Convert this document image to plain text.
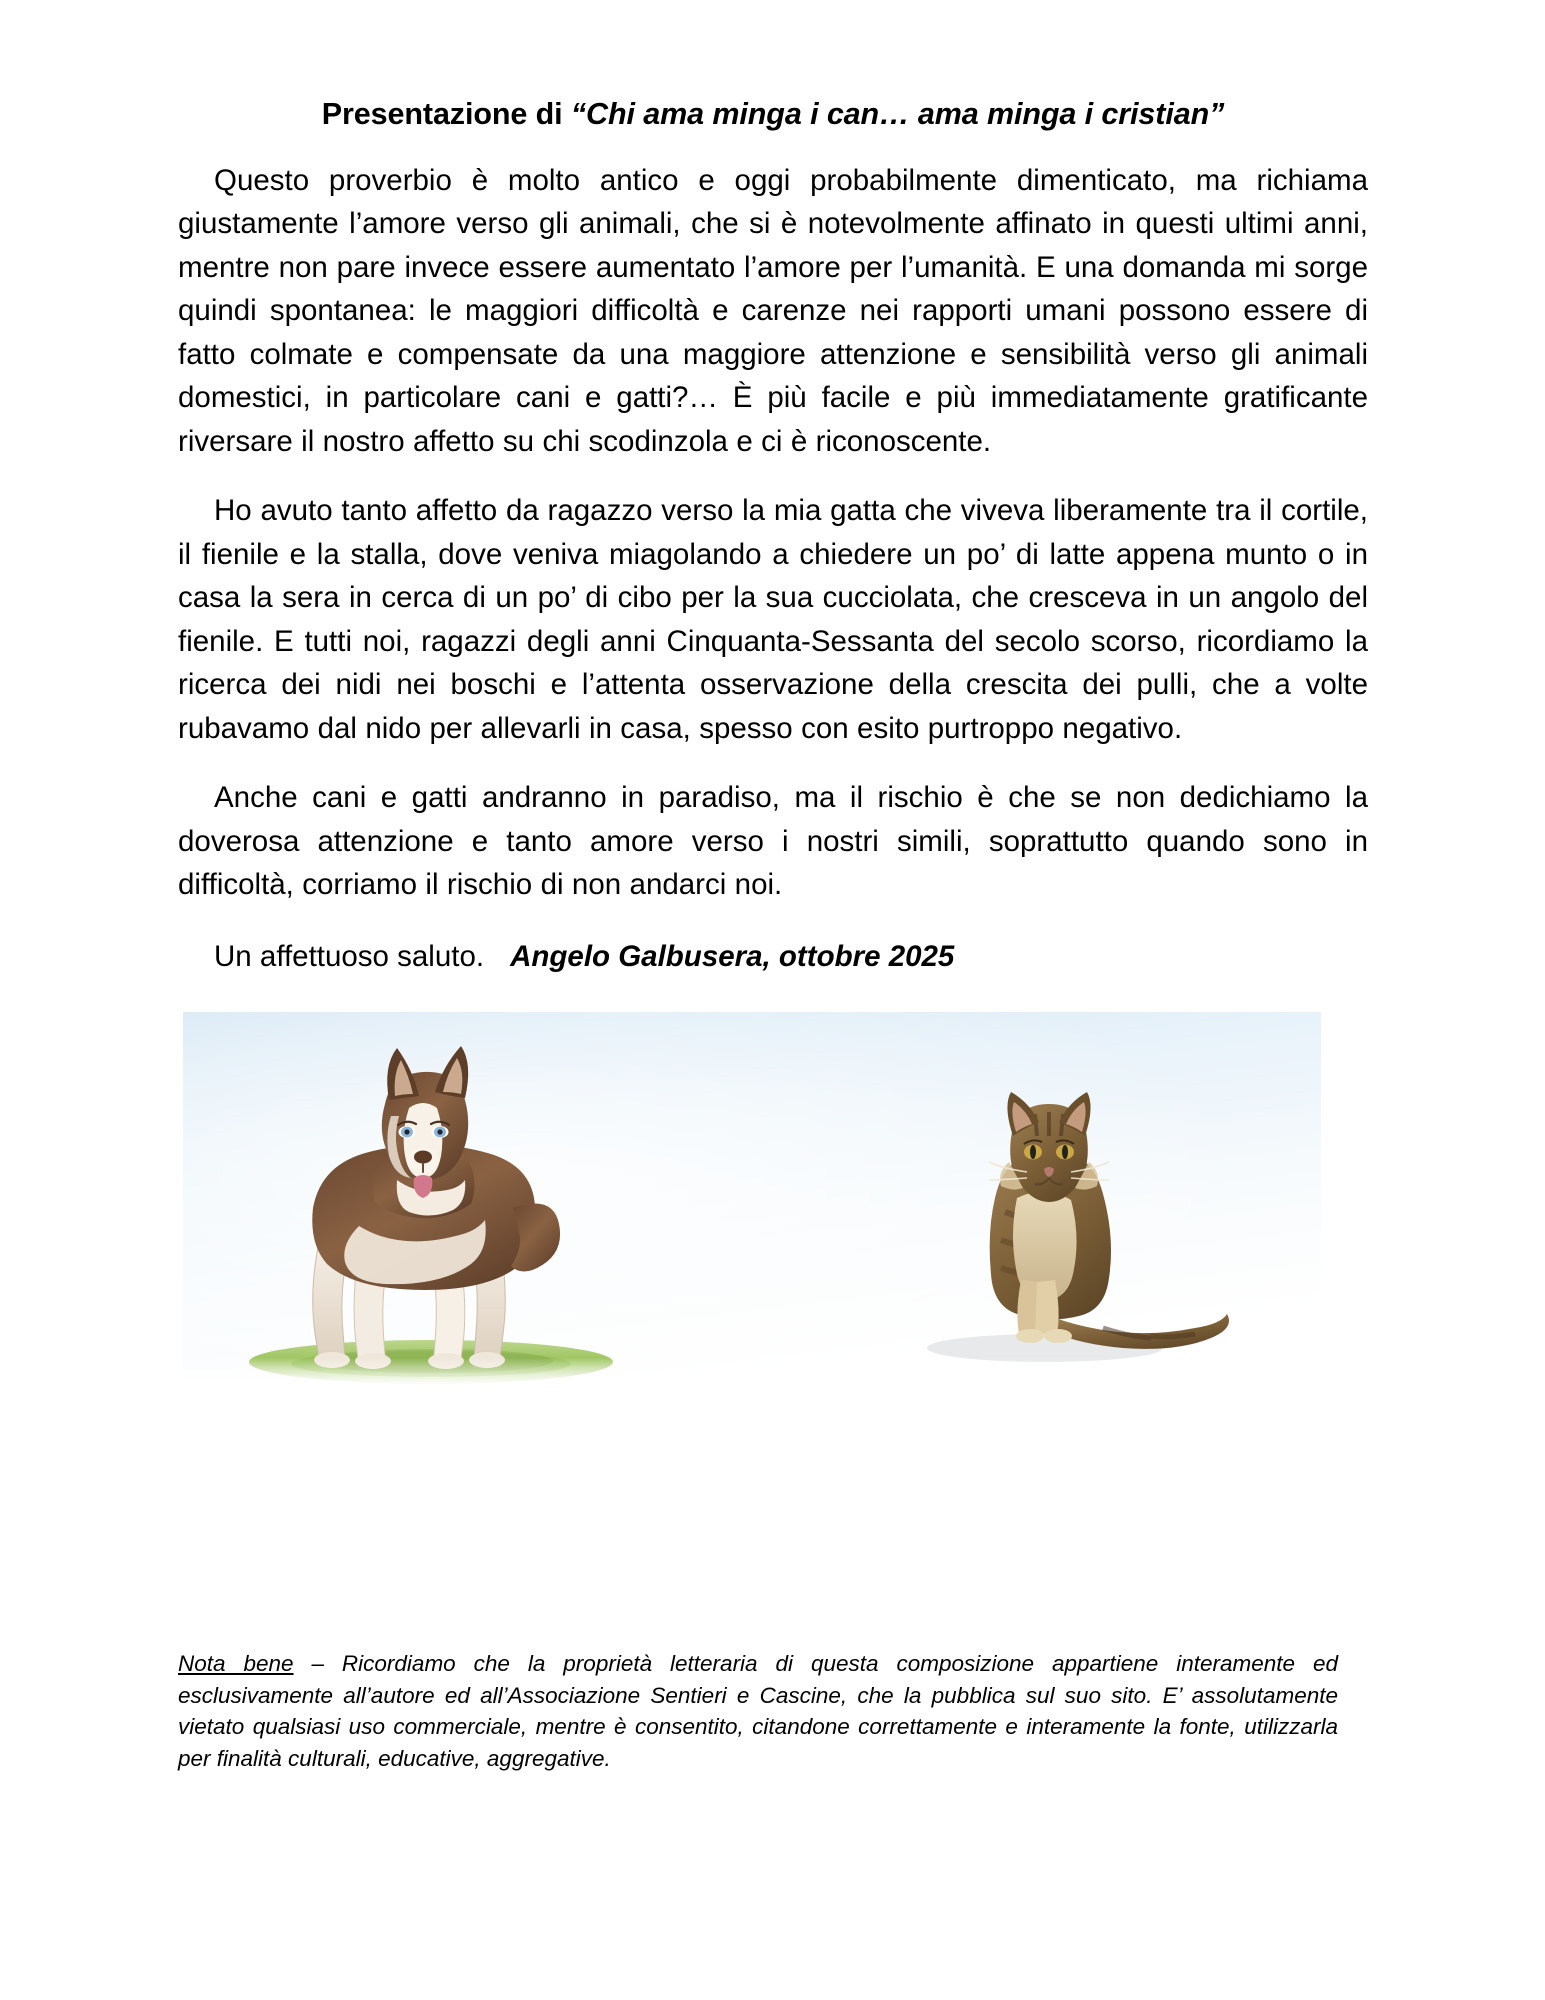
Presentazione di “Chi ama minga i can… ama minga i cristian”

Questo proverbio è molto antico e oggi probabilmente dimenticato, ma richiama giustamente l’amore verso gli animali, che si è notevolmente affinato in questi ultimi anni, mentre non pare invece essere aumentato l’amore per l’umanità. E una domanda mi sorge quindi spontanea: le maggiori difficoltà e carenze nei rapporti umani possono essere di fatto colmate e compensate da una maggiore attenzione e sensibilità verso gli animali domestici, in particolare cani e gatti?… È più facile e più immediatamente gratificante riversare il nostro affetto su chi scodinzola e ci è riconoscente.

Ho avuto tanto affetto da ragazzo verso la mia gatta che viveva liberamente tra il cortile, il fienile e la stalla, dove veniva miagolando a chiedere un po’ di latte appena munto o in casa la sera in cerca di un po’ di cibo per la sua cucciolata, che cresceva in un angolo del fienile. E tutti noi, ragazzi degli anni Cinquanta-Sessanta del secolo scorso, ricordiamo la ricerca dei nidi nei boschi e l’attenta osservazione della crescita dei pulli, che a volte rubavamo dal nido per allevarli in casa, spesso con esito purtroppo negativo.

Anche cani e gatti andranno in paradiso, ma il rischio è che se non dedichiamo la doverosa attenzione e tanto amore verso i nostri simili, soprattutto quando sono in difficoltà, corriamo il rischio di non andarci noi.

Un affettuoso saluto. Angelo Galbusera, ottobre 2025

Nota bene – Ricordiamo che la proprietà letteraria di questa composizione appartiene interamente ed esclusivamente all’autore ed all’Associazione Sentieri e Cascine, che la pubblica sul suo sito. E’ assolutamente vietato qualsiasi uso commerciale, mentre è consentito, citandone correttamente e interamente la fonte, utilizzarla per finalità culturali, educative, aggregative.
